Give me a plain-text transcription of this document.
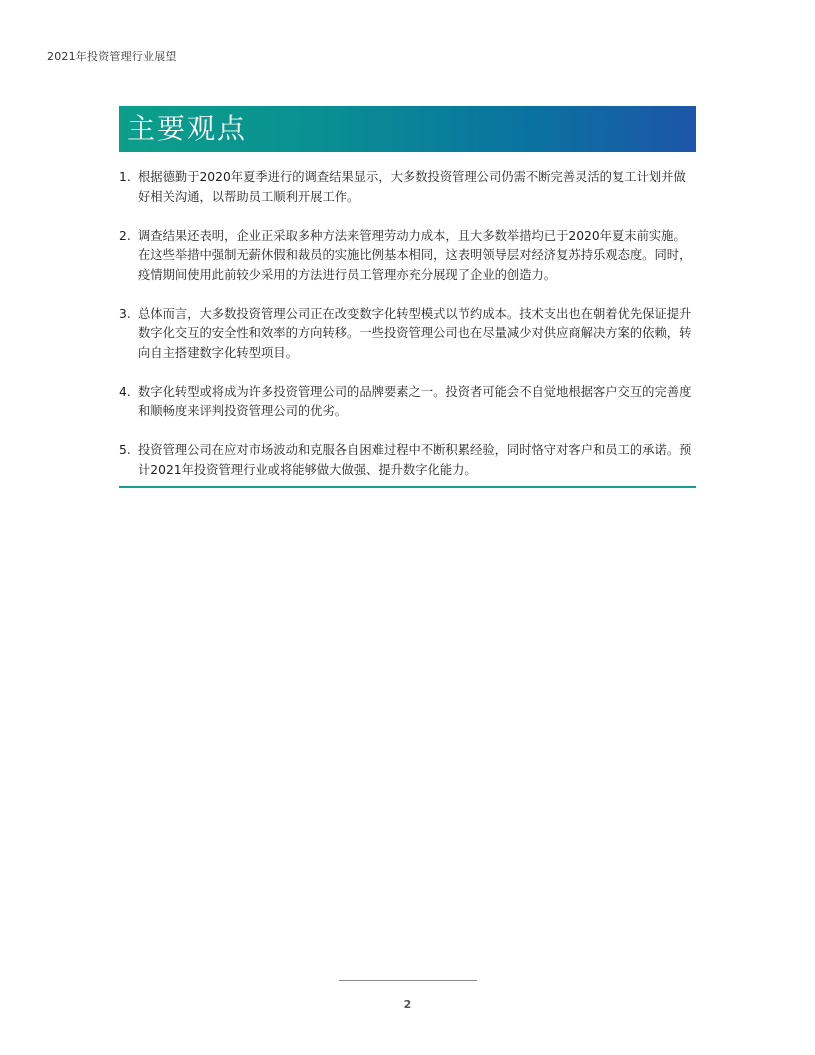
2021年投资管理行业展望
主要观点
1. 根据德勤于2020年夏季进行的调查结果显示，大多数投资管理公司仍需不断完善灵活的复工计划并做好相关沟通，以帮助员工顺利开展工作。
2. 调查结果还表明，企业正采取多种方法来管理劳动力成本，且大多数举措均已于2020年夏末前实施。在这些举措中强制无薪休假和裁员的实施比例基本相同，这表明领导层对经济复苏持乐观态度。同时，疫情期间使用此前较少采用的方法进行员工管理亦充分展现了企业的创造力。
3. 总体而言，大多数投资管理公司正在改变数字化转型模式以节约成本。技术支出也在朝着优先保证提升数字化交互的安全性和效率的方向转移。一些投资管理公司也在尽量减少对供应商解决方案的依赖，转向自主搭建数字化转型项目。
4. 数字化转型或将成为许多投资管理公司的品牌要素之一。投资者可能会不自觉地根据客户交互的完善度和顺畅度来评判投资管理公司的优劣。
5. 投资管理公司在应对市场波动和克服各自困难过程中不断积累经验，同时恪守对客户和员工的承诺。预计2021年投资管理行业或将能够做大做强、提升数字化能力。
2
